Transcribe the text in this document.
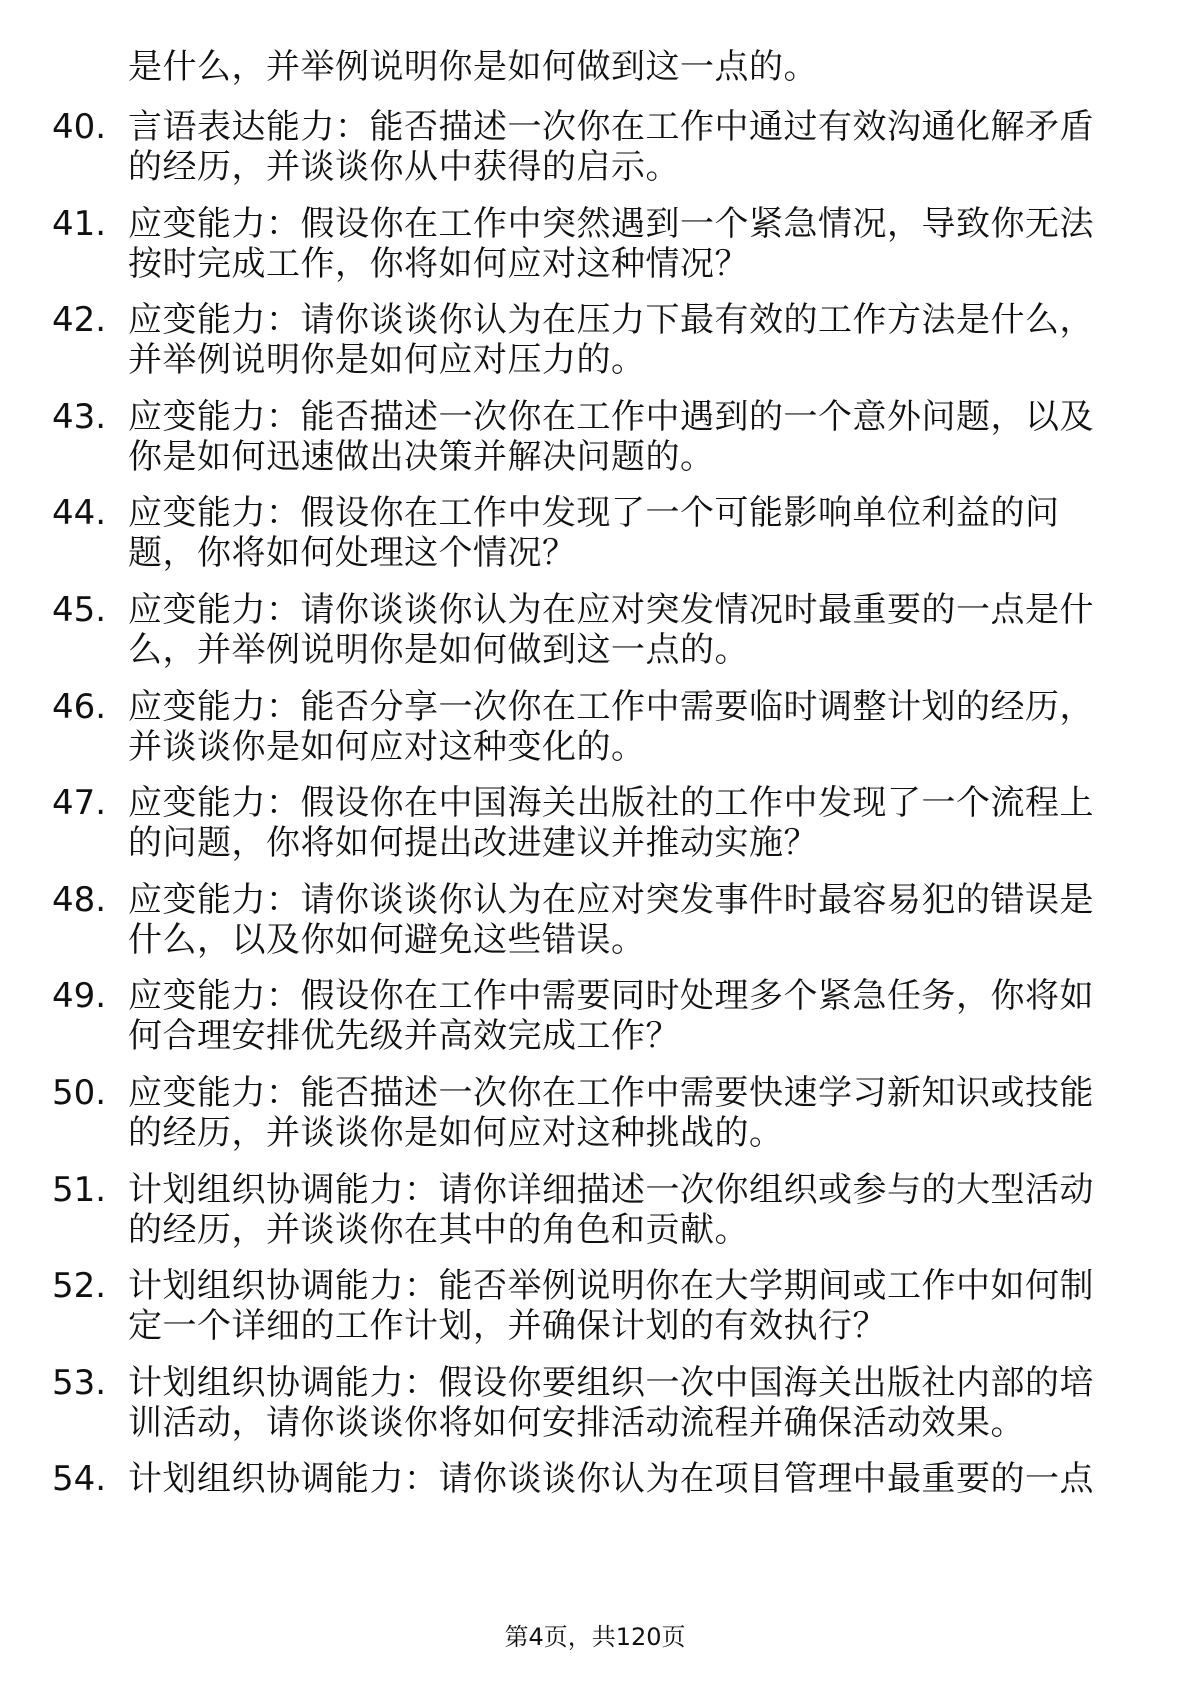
是什么，并举例说明你是如何做到这一点的。
40. 言语表达能力：能否描述一次你在工作中通过有效沟通化解矛盾
的经历，并谈谈你从中获得的启示。
41. 应变能力：假设你在工作中突然遇到一个紧急情况，导致你无法
按时完成工作，你将如何应对这种情况？
42. 应变能力：请你谈谈你认为在压力下最有效的工作方法是什么，
并举例说明你是如何应对压力的。
43. 应变能力：能否描述一次你在工作中遇到的一个意外问题，以及
你是如何迅速做出决策并解决问题的。
44. 应变能力：假设你在工作中发现了一个可能影响单位利益的问
题，你将如何处理这个情况？
45. 应变能力：请你谈谈你认为在应对突发情况时最重要的一点是什
么，并举例说明你是如何做到这一点的。
46. 应变能力：能否分享一次你在工作中需要临时调整计划的经历，
并谈谈你是如何应对这种变化的。
47. 应变能力：假设你在中国海关出版社的工作中发现了一个流程上
的问题，你将如何提出改进建议并推动实施？
48. 应变能力：请你谈谈你认为在应对突发事件时最容易犯的错误是
什么，以及你如何避免这些错误。
49. 应变能力：假设你在工作中需要同时处理多个紧急任务，你将如
何合理安排优先级并高效完成工作？
50. 应变能力：能否描述一次你在工作中需要快速学习新知识或技能
的经历，并谈谈你是如何应对这种挑战的。
51. 计划组织协调能力：请你详细描述一次你组织或参与的大型活动
的经历，并谈谈你在其中的角色和贡献。
52. 计划组织协调能力：能否举例说明你在大学期间或工作中如何制
定一个详细的工作计划，并确保计划的有效执行？
53. 计划组织协调能力：假设你要组织一次中国海关出版社内部的培
训活动，请你谈谈你将如何安排活动流程并确保活动效果。
54. 计划组织协调能力：请你谈谈你认为在项目管理中最重要的一点
第4页，共120页
